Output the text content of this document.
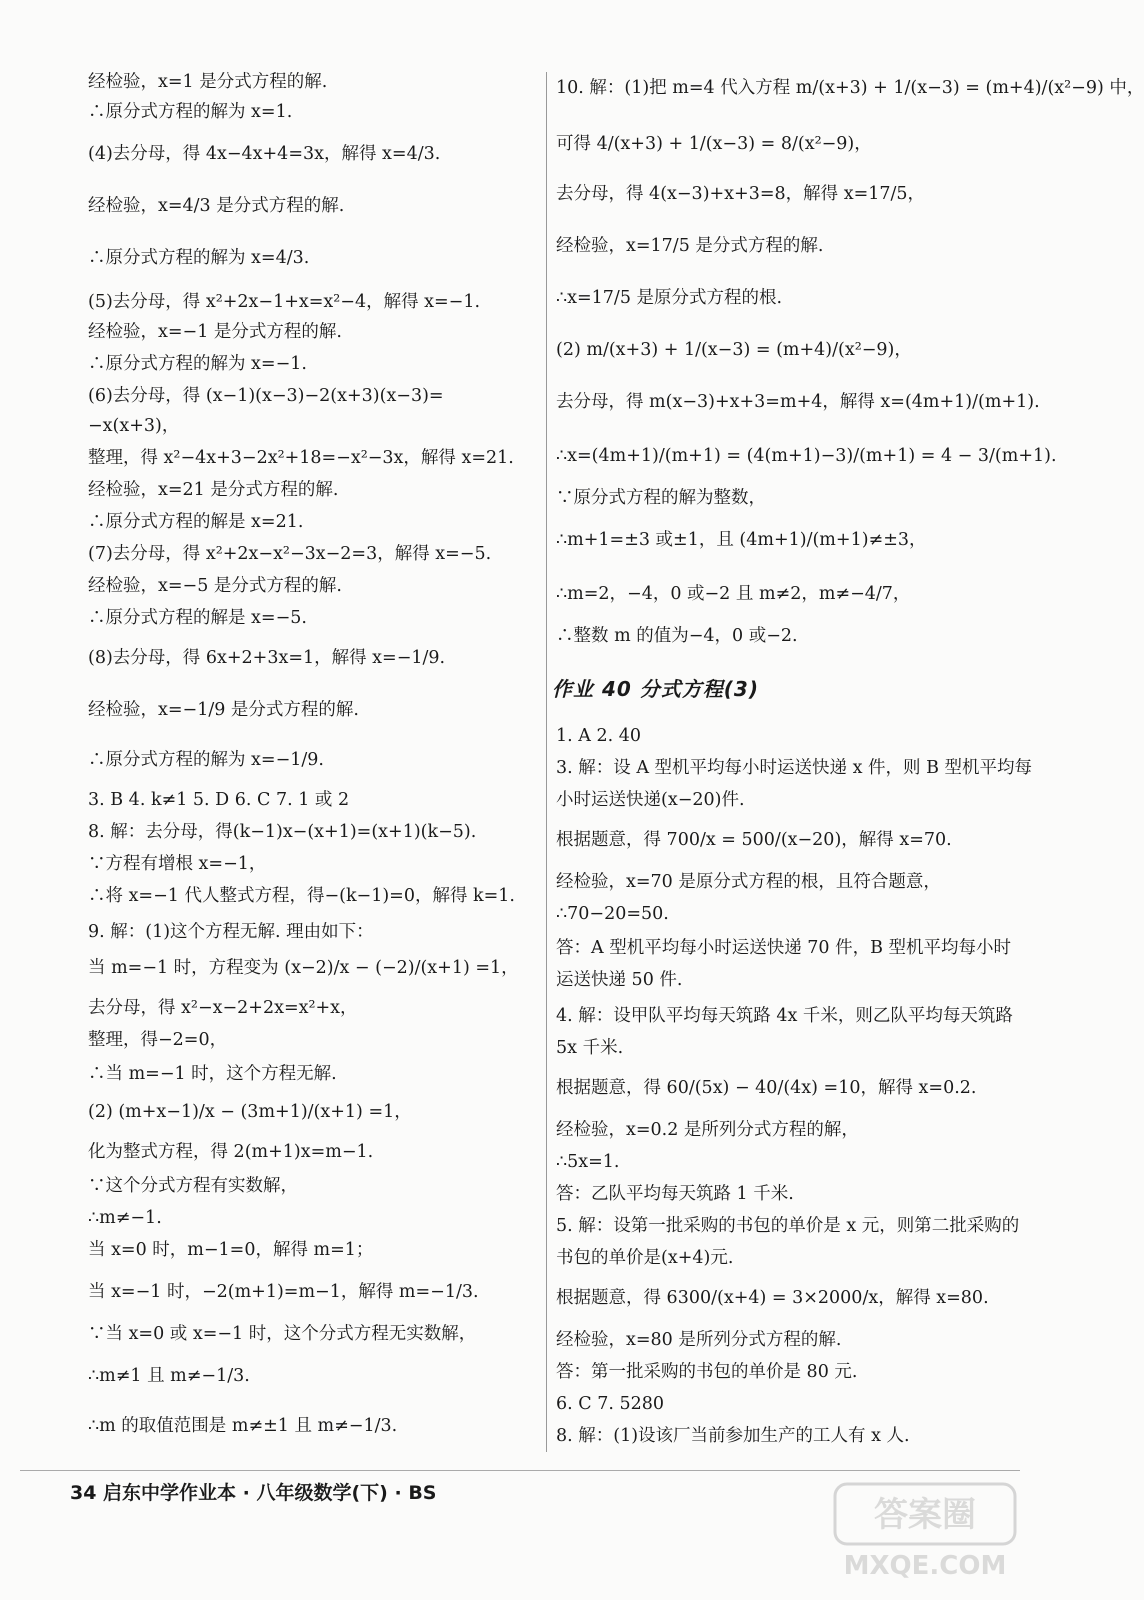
经检验，x=1 是分式方程的解.
∴原分式方程的解为 x=1.
(4)去分母，得 4x−4x+4=3x，解得 x=4/3.
经检验，x=4/3 是分式方程的解.
∴原分式方程的解为 x=4/3.
(5)去分母，得 x²+2x−1+x=x²−4，解得 x=−1.
经检验，x=−1 是分式方程的解.
∴原分式方程的解为 x=−1.
(6)去分母，得 (x−1)(x−3)−2(x+3)(x−3)=
−x(x+3)，
整理，得 x²−4x+3−2x²+18=−x²−3x，解得 x=21.
经检验，x=21 是分式方程的解.
∴原分式方程的解是 x=21.
(7)去分母，得 x²+2x−x²−3x−2=3，解得 x=−5.
经检验，x=−5 是分式方程的解.
∴原分式方程的解是 x=−5.
(8)去分母，得 6x+2+3x=1，解得 x=−1/9.
经检验，x=−1/9 是分式方程的解.
∴原分式方程的解为 x=−1/9.
3. B 4. k≠1 5. D 6. C 7. 1 或 2
8. 解：去分母，得(k−1)x−(x+1)=(x+1)(k−5).
∵方程有增根 x=−1，
∴将 x=−1 代人整式方程，得−(k−1)=0，解得 k=1.
9. 解：(1)这个方程无解. 理由如下：
当 m=−1 时，方程变为 (x−2)/x − (−2)/(x+1) =1，
去分母，得 x²−x−2+2x=x²+x，
整理，得−2=0，
∴当 m=−1 时，这个方程无解.
(2) (m+x−1)/x − (3m+1)/(x+1) =1，
化为整式方程，得 2(m+1)x=m−1.
∵这个分式方程有实数解，
∴m≠−1.
当 x=0 时，m−1=0，解得 m=1；
当 x=−1 时，−2(m+1)=m−1，解得 m=−1/3.
∵当 x=0 或 x=−1 时，这个分式方程无实数解，
∴m≠1 且 m≠−1/3.
∴m 的取值范围是 m≠±1 且 m≠−1/3.
作业 40 分式方程(3)
10. 解：(1)把 m=4 代入方程 m/(x+3) + 1/(x−3) = (m+4)/(x²−9) 中，
可得 4/(x+3) + 1/(x−3) = 8/(x²−9)，
去分母，得 4(x−3)+x+3=8，解得 x=17/5，
经检验，x=17/5 是分式方程的解.
∴x=17/5 是原分式方程的根.
(2) m/(x+3) + 1/(x−3) = (m+4)/(x²−9)，
去分母，得 m(x−3)+x+3=m+4，解得 x=(4m+1)/(m+1).
∴x=(4m+1)/(m+1) = (4(m+1)−3)/(m+1) = 4 − 3/(m+1).
∵原分式方程的解为整数，
∴m+1=±3 或±1，且 (4m+1)/(m+1)≠±3，
∴m=2，−4，0 或−2 且 m≠2，m≠−4/7，
∴整数 m 的值为−4，0 或−2.
1. A 2. 40
3. 解：设 A 型机平均每小时运送快递 x 件，则 B 型机平均每
小时运送快递(x−20)件.
根据题意，得 700/x = 500/(x−20)，解得 x=70.
经检验，x=70 是原分式方程的根，且符合题意，
∴70−20=50.
答：A 型机平均每小时运送快递 70 件，B 型机平均每小时
运送快递 50 件.
4. 解：设甲队平均每天筑路 4x 千米，则乙队平均每天筑路
5x 千米.
根据题意，得 60/(5x) − 40/(4x) =10，解得 x=0.2.
经检验，x=0.2 是所列分式方程的解，
∴5x=1.
答：乙队平均每天筑路 1 千米.
5. 解：设第一批采购的书包的单价是 x 元，则第二批采购的
书包的单价是(x+4)元.
根据题意，得 6300/(x+4) = 3×2000/x，解得 x=80.
经检验，x=80 是所列分式方程的解.
答：第一批采购的书包的单价是 80 元.
6. C 7. 5280
8. 解：(1)设该厂当前参加生产的工人有 x 人.
34 启东中学作业本 · 八年级数学(下) · BS
答案圈
MXQE.COM
